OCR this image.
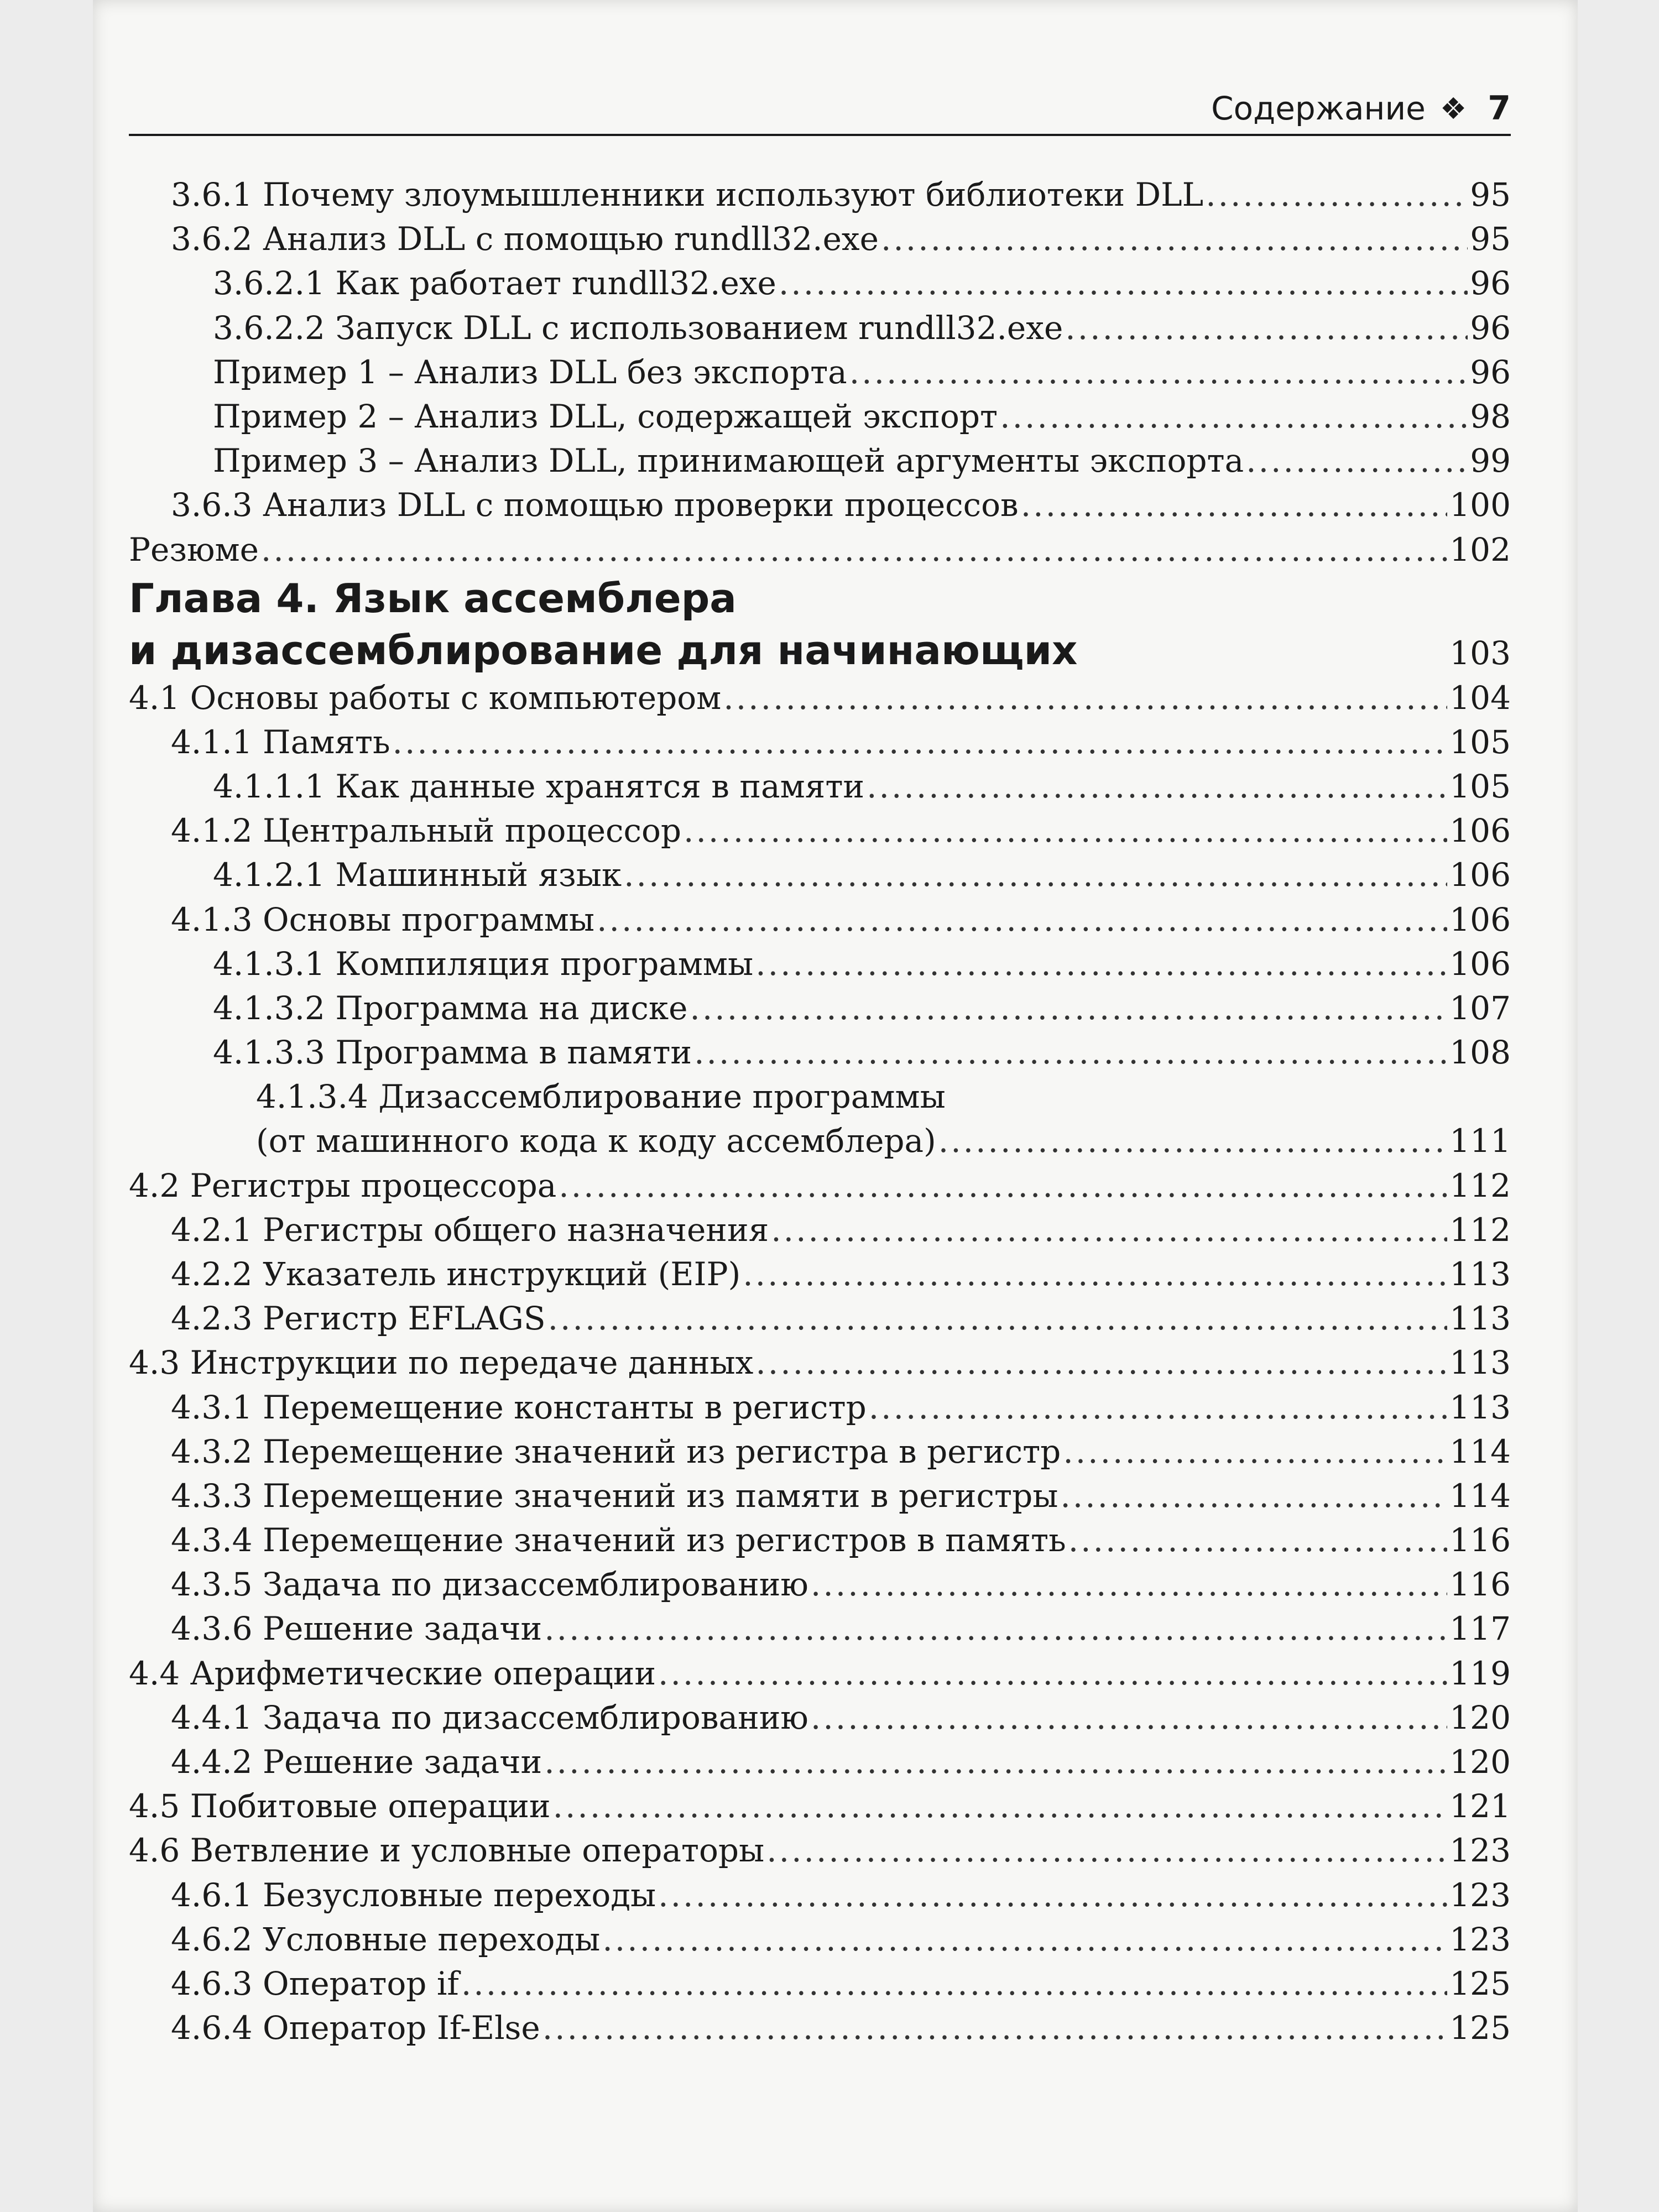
Содержание ❖ 7
3.6.1 Почему злоумышленники используют библиотеки DLL .....	95
3.6.2 Анализ DLL с помощью rundll32.exe .....	95
3.6.2.1 Как работает rundll32.exe .....	96
3.6.2.2 Запуск DLL с использованием rundll32.exe .....	96
Пример 1 – Анализ DLL без экспорта .....	96
Пример 2 – Анализ DLL, содержащей экспорт .....	98
Пример 3 – Анализ DLL, принимающей аргументы экспорта .....	99
3.6.3 Анализ DLL с помощью проверки процессов .....	100
Резюме .....	102
Глава 4. Язык ассемблера
и дизассемблирование для начинающих	103
4.1 Основы работы с компьютером .....	104
4.1.1 Память .....	105
4.1.1.1 Как данные хранятся в памяти .....	105
4.1.2 Центральный процессор .....	106
4.1.2.1 Машинный язык .....	106
4.1.3 Основы программы .....	106
4.1.3.1 Компиляция программы .....	106
4.1.3.2 Программа на диске .....	107
4.1.3.3 Программа в памяти .....	108
4.1.3.4 Дизассемблирование программы
(от машинного кода к коду ассемблера) .....	111
4.2 Регистры процессора .....	112
4.2.1 Регистры общего назначения .....	112
4.2.2 Указатель инструкций (EIP) .....	113
4.2.3 Регистр EFLAGS .....	113
4.3 Инструкции по передаче данных .....	113
4.3.1 Перемещение константы в регистр .....	113
4.3.2 Перемещение значений из регистра в регистр .....	114
4.3.3 Перемещение значений из памяти в регистры .....	114
4.3.4 Перемещение значений из регистров в память .....	116
4.3.5 Задача по дизассемблированию .....	116
4.3.6 Решение задачи .....	117
4.4 Арифметические операции .....	119
4.4.1 Задача по дизассемблированию .....	120
4.4.2 Решение задачи .....	120
4.5 Побитовые операции .....	121
4.6 Ветвление и условные операторы .....	123
4.6.1 Безусловные переходы .....	123
4.6.2 Условные переходы .....	123
4.6.3 Оператор if .....	125
4.6.4 Оператор If-Else .....	125
